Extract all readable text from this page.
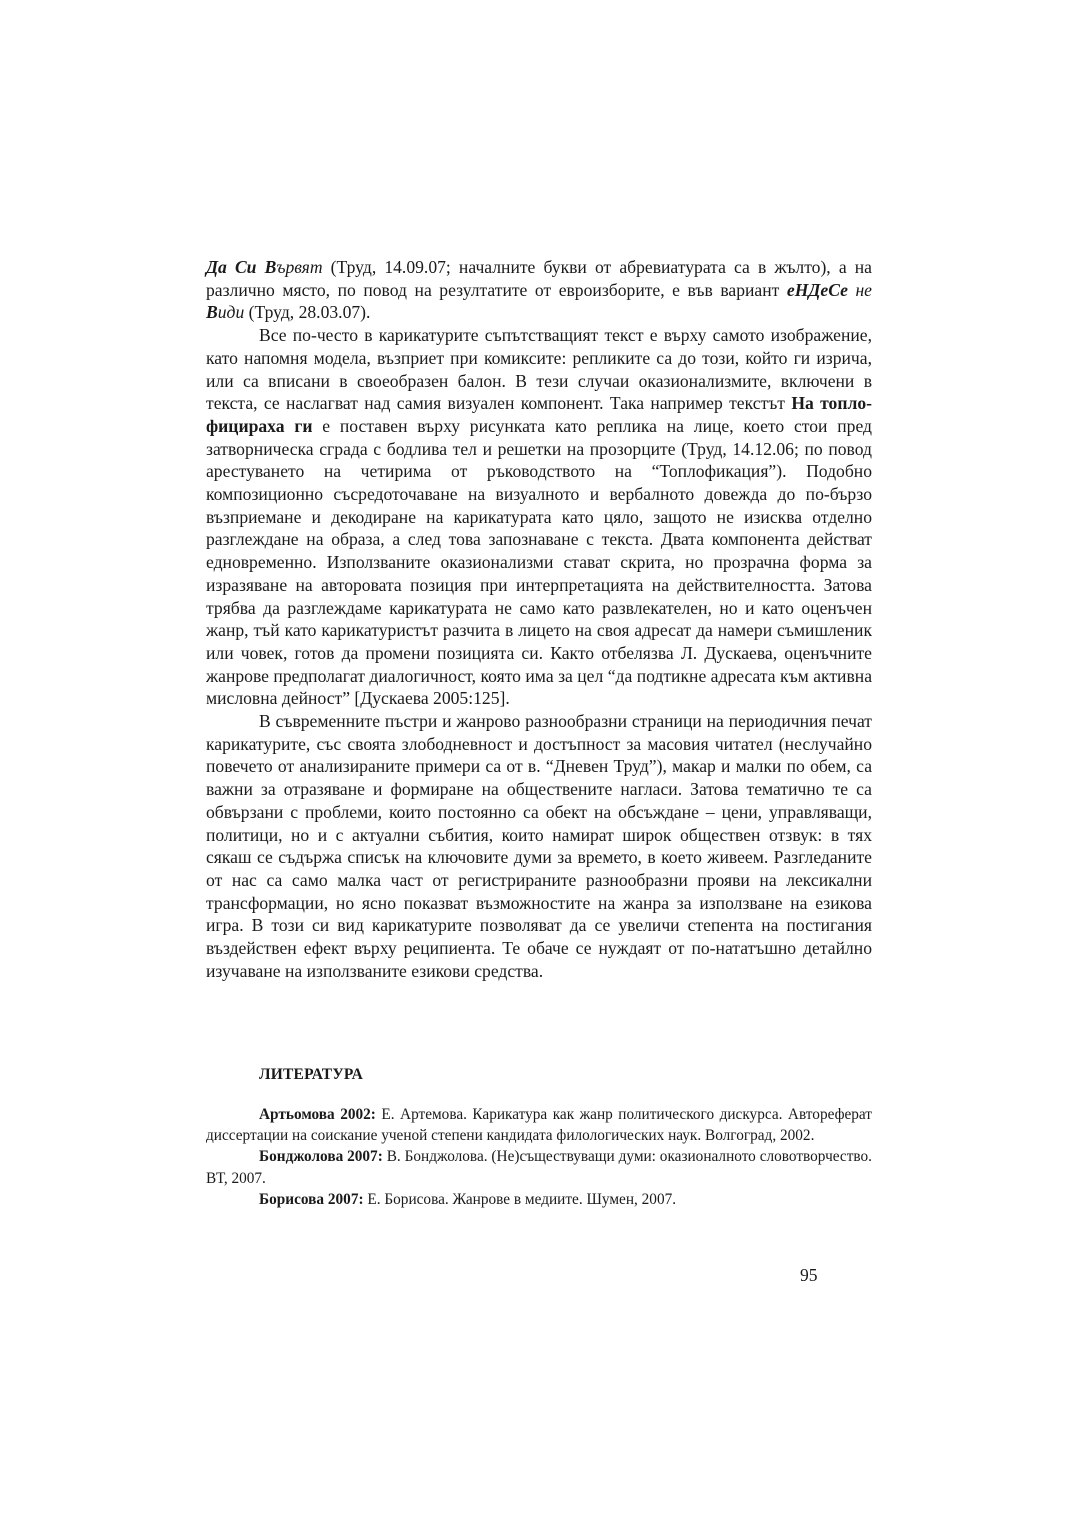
Да Си Вървят (Труд, 14.09.07; началните букви от абревиатурата са в жълто), а на различно място, по повод на резултатите от евроизборите, е във вариант еНДеСе не Види (Труд, 28.03.07).

Все по-често в карикатурите съпътстващият текст е върху самото изображение, като напомня модела, възприет при комиксите: репликите са до този, който ги изрича, или са вписани в своеобразен балон. В тези случаи оказионализмите, включени в текста, се наслагват над самия визуален компонент. Така например текстът На топло-фицираха ги е поставен върху рисунката като реплика на лице, което стои пред затворническа сграда с бодлива тел и решетки на прозорците (Труд, 14.12.06; по повод арестуването на четирима от ръководството на “Топлофикация”). Подобно композиционно съсредоточаване на визуалното и вербалното довежда до по-бързо възприемане и декодиране на карикатурата като цяло, защото не изисква отделно разглеждане на образа, а след това запознаване с текста. Двата компонента действат едновременно. Използваните оказионализми стават скрита, но прозрачна форма за изразяване на авторовата позиция при интерпретацията на действителността. Затова трябва да разглеждаме карикатурата не само като развлекателен, но и като оценъчен жанр, тъй като карикатуристът разчита в лицето на своя адресат да намери съмишленик или човек, готов да промени позицията си. Както отбелязва Л. Дускаева, оценъчните жанрове предполагат диалогичност, която има за цел “да подтикне адресата към активна мисловна дейност” [Дускаева 2005:125].

В съвременните пъстри и жанрово разнообразни страници на периодичния печат карикатурите, със своята злободневност и достъпност за масовия читател (неслучайно повечето от анализираните примери са от в. “Дневен Труд”), макар и малки по обем, са важни за отразяване и формиране на обществените нагласи. Затова тематично те са обвързани с проблеми, които постоянно са обект на обсъждане – цени, управляващи, политици, но и с актуални събития, които намират широк обществен отзвук: в тях сякаш се съдържа списък на ключовите думи за времето, в което живеем. Разгледаните от нас са само малка част от регистрираните разнообразни прояви на лексикални трансформации, но ясно показват възможностите на жанра за използване на езикова игра. В този си вид карикатурите позволяват да се увеличи степента на постигания въздействен ефект върху реципиента. Те обаче се нуждаят от по-нататъшно детайлно изучаване на използваните езикови средства.

ЛИТЕРАТУРА

Артьомова 2002: Е. Артемова. Карикатура как жанр политического дискурса. Автореферат диссертации на соискание ученой степени кандидата филологических наук. Волгоград, 2002.

Бонджолова 2007: В. Бонджолова. (Не)съществуващи думи: оказионалното словотворчество. ВТ, 2007.

Борисова 2007: Е. Борисова. Жанрове в медиите. Шумен, 2007.

95
